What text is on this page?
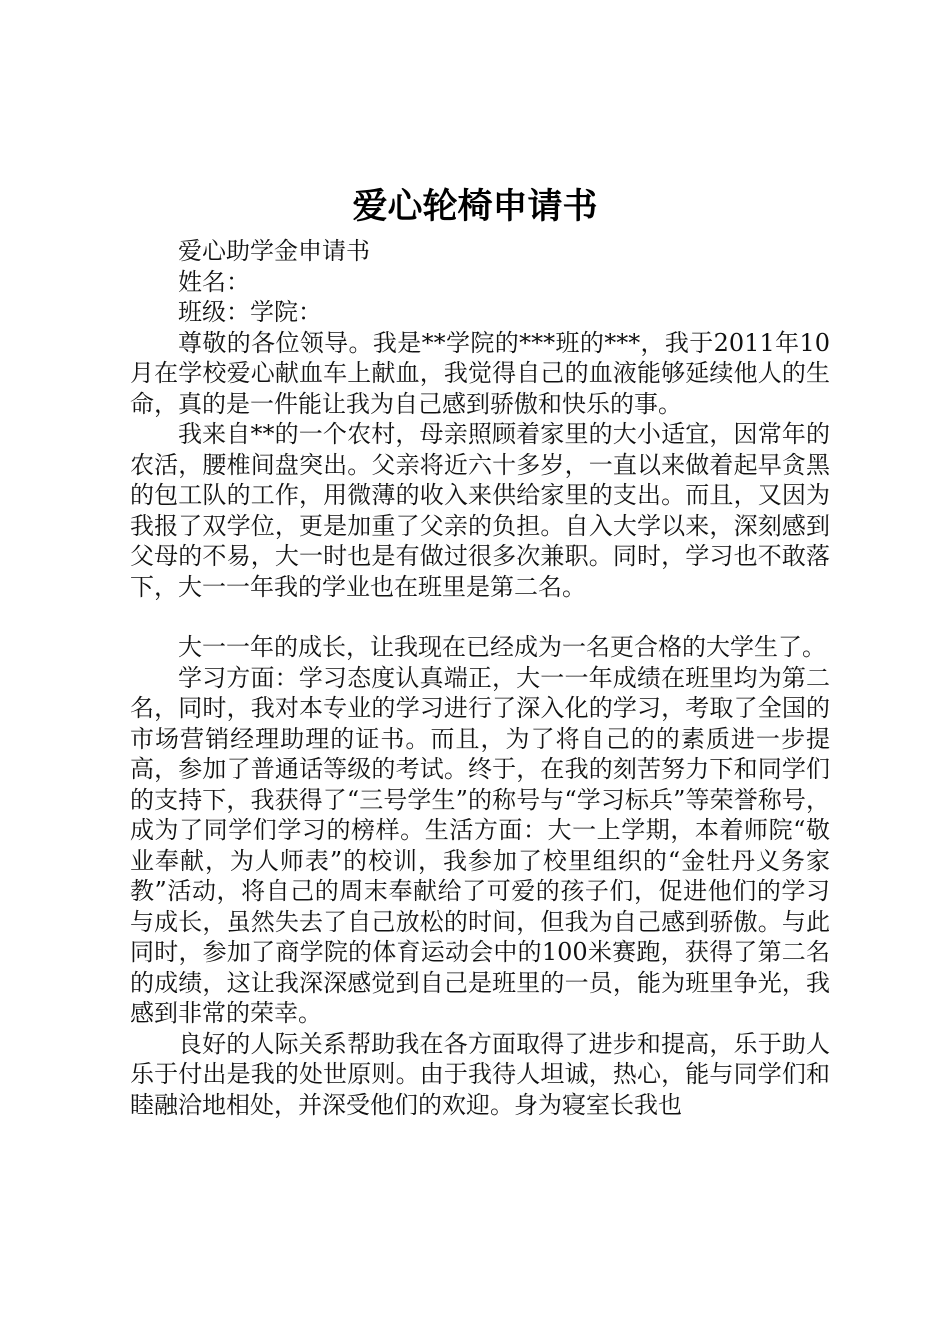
爱心轮椅申请书

爱心助学金申请书

姓名：

班级：学院：

尊敬的各位领导。我是**学院的***班的***，我于2011年10月在学校爱心献血车上献血，我觉得自己的血液能够延续他人的生命，真的是一件能让我为自己感到骄傲和快乐的事。

我来自**的一个农村，母亲照顾着家里的大小适宜，因常年的农活，腰椎间盘突出。父亲将近六十多岁，一直以来做着起早贪黑的包工队的工作，用微薄的收入来供给家里的支出。而且，又因为我报了双学位，更是加重了父亲的负担。自入大学以来，深刻感到父母的不易，大一时也是有做过很多次兼职。同时，学习也不敢落下，大一一年我的学业也在班里是第二名。

大一一年的成长，让我现在已经成为一名更合格的大学生了。

学习方面：学习态度认真端正，大一一年成绩在班里均为第二名，同时，我对本专业的学习进行了深入化的学习，考取了全国的市场营销经理助理的证书。而且，为了将自己的的素质进一步提高，参加了普通话等级的考试。终于，在我的刻苦努力下和同学们的支持下，我获得了“三号学生”的称号与“学习标兵”等荣誉称号，成为了同学们学习的榜样。生活方面：大一上学期，本着师院“敬业奉献，为人师表”的校训，我参加了校里组织的“金牡丹义务家教”活动，将自己的周末奉献给了可爱的孩子们，促进他们的学习与成长，虽然失去了自己放松的时间，但我为自己感到骄傲。与此同时，参加了商学院的体育运动会中的100米赛跑，获得了第二名的成绩，这让我深深感觉到自己是班里的一员，能为班里争光，我感到非常的荣幸。

良好的人际关系帮助我在各方面取得了进步和提高，乐于助人乐于付出是我的处世原则。由于我待人坦诚，热心，能与同学们和睦融洽地相处，并深受他们的欢迎。身为寝室长我也
